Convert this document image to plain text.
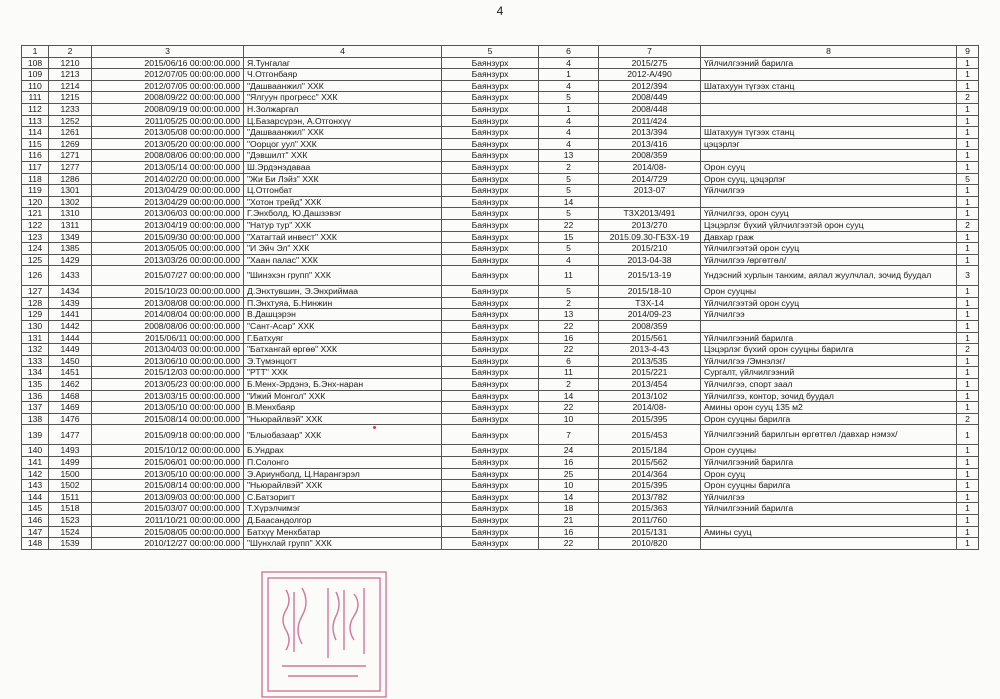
4
1	2	3	4	5	6	7	8	9
108	1210	2015/06/16 00:00:00.000	Я.Тунгалаг	Баянзурх	4	2015/275	Үйлчилгээний барилга	1
109	1213	2012/07/05 00:00:00.000	Ч.Отгонбаяр	Баянзурх	1	2012-А/490		1
110	1214	2012/07/05 00:00:00.000	"Дашваанжил" ХХК	Баянзурх	4	2012/394	Шатахуун түгээх станц	1
111	1215	2008/09/22 00:00:00.000	"Ялгуун прогресс" ХХК	Баянзурх	5	2008/449		2
112	1233	2008/09/19 00:00:00.000	Н.Золжаргал	Баянзурх	1	2008/448		1
113	1252	2011/05/25 00:00:00.000	Ц.Базарсүрэн, А.Отгонхүү	Баянзурх	4	2011/424		1
114	1261	2013/05/08 00:00:00.000	"Дашваанжил" ХХК	Баянзурх	4	2013/394	Шатахуун түгээх станц	1
115	1269	2013/05/20 00:00:00.000	"Оорцог уул" ХХК	Баянзурх	4	2013/416	цэцэрлэг	1
116	1271	2008/08/06 00:00:00.000	"Дэвшилт" ХХК	Баянзурх	13	2008/359		1
117	1277	2013/05/14 00:00:00.000	Ш.Эрдэнэдаваа	Баянзурх	2	2014/08-	Орон сууц	1
118	1286	2014/02/20 00:00:00.000	"Жи Би Лэйз" ХХК	Баянзурх	5	2014/729	Орон сууц, цэцэрлэг	5
119	1301	2013/04/29 00:00:00.000	Ц.Отгонбат	Баянзурх	5	2013-07	Үйлчилгээ	1
120	1302	2013/04/29 00:00:00.000	"Хотон трейд" ХХК	Баянзурх	14			1
121	1310	2013/06/03 00:00:00.000	Г.Энхболд, Ю.Дашзэвэг	Баянзурх	5	ТЗХ2013/491	Үйлчилгээ, орон сууц	1
122	1311	2013/04/19 00:00:00.000	"Натур тур" ХХК	Баянзурх	22	2013/270	Цэцэрлэг бүхий үйлчилгээтэй орон сууц	2
123	1349	2015/09/30 00:00:00.000	"Хатагтай инвест" ХХК	Баянзурх	15	2015.09.30-ГБЗХ-19	Давхар граж	1
124	1385	2013/05/05 00:00:00.000	"И Эйч Эл" ХХК	Баянзурх	5	2015/210	Үйлчилгээтэй орон сууц	1
125	1429	2013/03/26 00:00:00.000	"Хаан палас" ХХК	Баянзурх	4	2013-04-38	Үйлчилгээ /өргөтгөл/	1
126	1433	2015/07/27 00:00:00.000	"Шинэхэн групп" ХХК	Баянзурх	11	2015/13-19	Үндэсний хурлын танхим, аялал жуулчлал, зочид буудал	3
127	1434	2015/10/23 00:00:00.000	Д.Энхтувшин, Э.Энхриймаа	Баянзурх	5	2015/18-10	Орон сууцны	1
128	1439	2013/08/08 00:00:00.000	П.Энхтуяа, Б.Нинжин	Баянзурх	2	ТЗХ-14	Үйлчилгээтэй орон сууц	1
129	1441	2014/08/04 00:00:00.000	В.Дашцэрэн	Баянзурх	13	2014/09-23	Үйлчилгээ	1
130	1442	2008/08/06 00:00:00.000	"Сант-Асар" ХХК	Баянзурх	22	2008/359		1
131	1444	2015/06/11 00:00:00.000	Г.Батхуяг	Баянзурх	16	2015/561	Үйлчилгээний барилга	1
132	1449	2013/04/03 00:00:00.000	"Батхангай өргөө" ХХК	Баянзурх	22	2013-4-43	Цэцэрлэг бүхий орон сууцны барилга	2
133	1450	2013/06/10 00:00:00.000	Э.Түмэнцогт	Баянзурх	6	2013/535	Үйлчилгээ /Эмнэлэг/	1
134	1451	2015/12/03 00:00:00.000	"РТТ" ХХК	Баянзурх	11	2015/221	Сургалт, үйлчилгээний	1
135	1462	2013/05/23 00:00:00.000	Б.Менх-Эрдэнэ, Б.Энх-наран	Баянзурх	2	2013/454	Үйлчилгээ, спорт заал	1
136	1468	2013/03/15 00:00:00.000	"Ижий Монгол" ХХК	Баянзурх	14	2013/102	Үйлчилгээ, контор, зочид буудал	1
137	1469	2013/05/10 00:00:00.000	В.Менхбаяр	Баянзурх	22	2014/08-	Амины орон сууц 135 м2	1
138	1476	2015/08/14 00:00:00.000	"Ньюрайлвэй" ХХК	Баянзурх	10	2015/395	Орон сууцны барилга	2
139	1477	2015/09/18 00:00:00.000	"Блыобазаар" ХХК	Баянзурх	7	2015/453	Үйлчилгээний барилгын өргөтгөл /давхар нэмэх/	1
140	1493	2015/10/12 00:00:00.000	Б.Ундрах	Баянзурх	24	2015/184	Орон сууцны	1
141	1499	2015/06/01 00:00:00.000	П.Солонго	Баянзурх	16	2015/562	Үйлчилгээний барилга	1
142	1500	2013/05/10 00:00:00.000	Э.Ариунболд, Ц.Нарангэрэл	Баянзурх	25	2014/364	Орон сууц	1
143	1502	2015/08/14 00:00:00.000	"Ньюрайлвэй" ХХК	Баянзурх	10	2015/395	Орон сууцны барилга	1
144	1511	2013/09/03 00:00:00.000	С.Батзоригт	Баянзурх	14	2013/782	Үйлчилгээ	1
145	1518	2015/03/07 00:00:00.000	Т.Хүрэлчимэг	Баянзурх	18	2015/363	Үйлчилгээний барилга	1
146	1523	2011/10/21 00:00:00.000	Д.Баасандолгор	Баянзурх	21	2011/760		1
147	1524	2015/08/05 00:00:00.000	Батхүү Менхбатар	Баянзурх	16	2015/131	Амины сууц	1
148	1539	2010/12/27 00:00:00.000	"Шунхлай групп" ХХК	Баянзурх	22	2010/820		1
